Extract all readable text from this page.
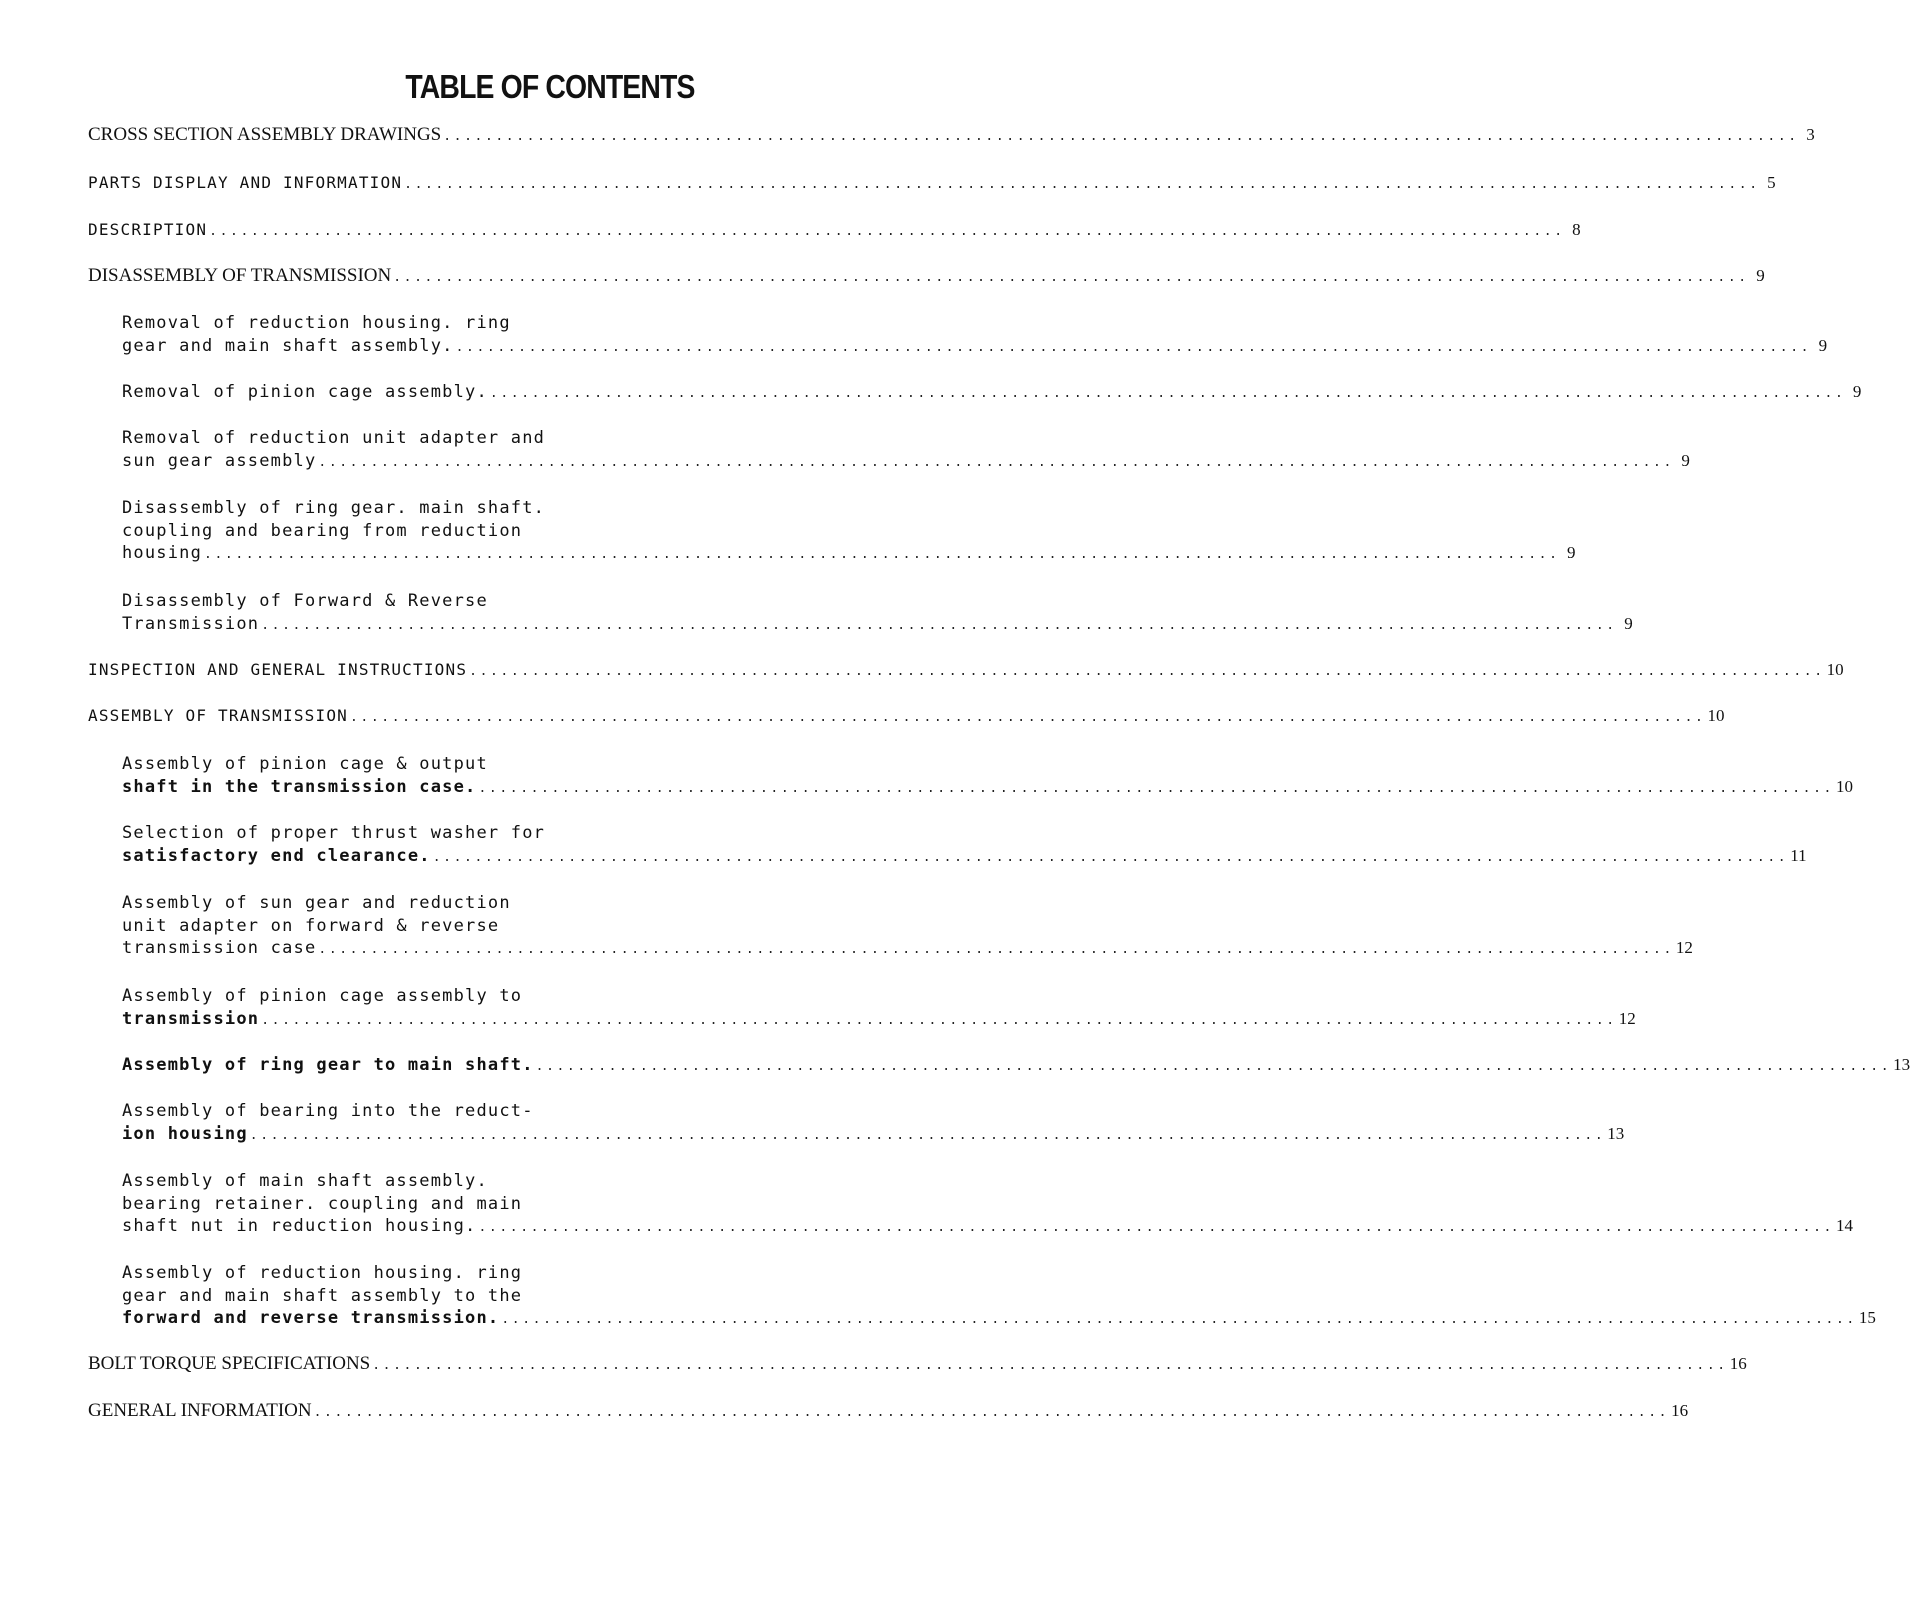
TABLE OF CONTENTS
CROSS SECTION ASSEMBLY DRAWINGS .................................................................................................................................. 3
PARTS DISPLAY AND INFORMATION .................................................................................................................................. 5
DESCRIPTION .................................................................................................................................. 8
DISASSEMBLY OF TRANSMISSION .................................................................................................................................. 9
Removal of reduction housing. ring
gear and main shaft assembly. .................................................................................................................................. 9
Removal of pinion cage assembly. .................................................................................................................................. 9
Removal of reduction unit adapter and
sun gear assembly .................................................................................................................................. 9
Disassembly of ring gear. main shaft.
coupling and bearing from reduction
housing .................................................................................................................................. 9
Disassembly of Forward & Reverse
Transmission .................................................................................................................................. 9
INSPECTION AND GENERAL INSTRUCTIONS .................................................................................................................................. 10
ASSEMBLY OF TRANSMISSION .................................................................................................................................. 10
Assembly of pinion cage & output
shaft in the transmission case. .................................................................................................................................. 10
Selection of proper thrust washer for
satisfactory end clearance. .................................................................................................................................. 11
Assembly of sun gear and reduction
unit adapter on forward & reverse
transmission case .................................................................................................................................. 12
Assembly of pinion cage assembly to
transmission .................................................................................................................................. 12
Assembly of ring gear to main shaft. .................................................................................................................................. 13
Assembly of bearing into the reduct-
ion housing .................................................................................................................................. 13
Assembly of main shaft assembly.
bearing retainer. coupling and main
shaft nut in reduction housing. .................................................................................................................................. 14
Assembly of reduction housing. ring
gear and main shaft assembly to the
forward and reverse transmission. .................................................................................................................................. 15
BOLT TORQUE SPECIFICATIONS .................................................................................................................................. 16
GENERAL INFORMATION .................................................................................................................................. 16
